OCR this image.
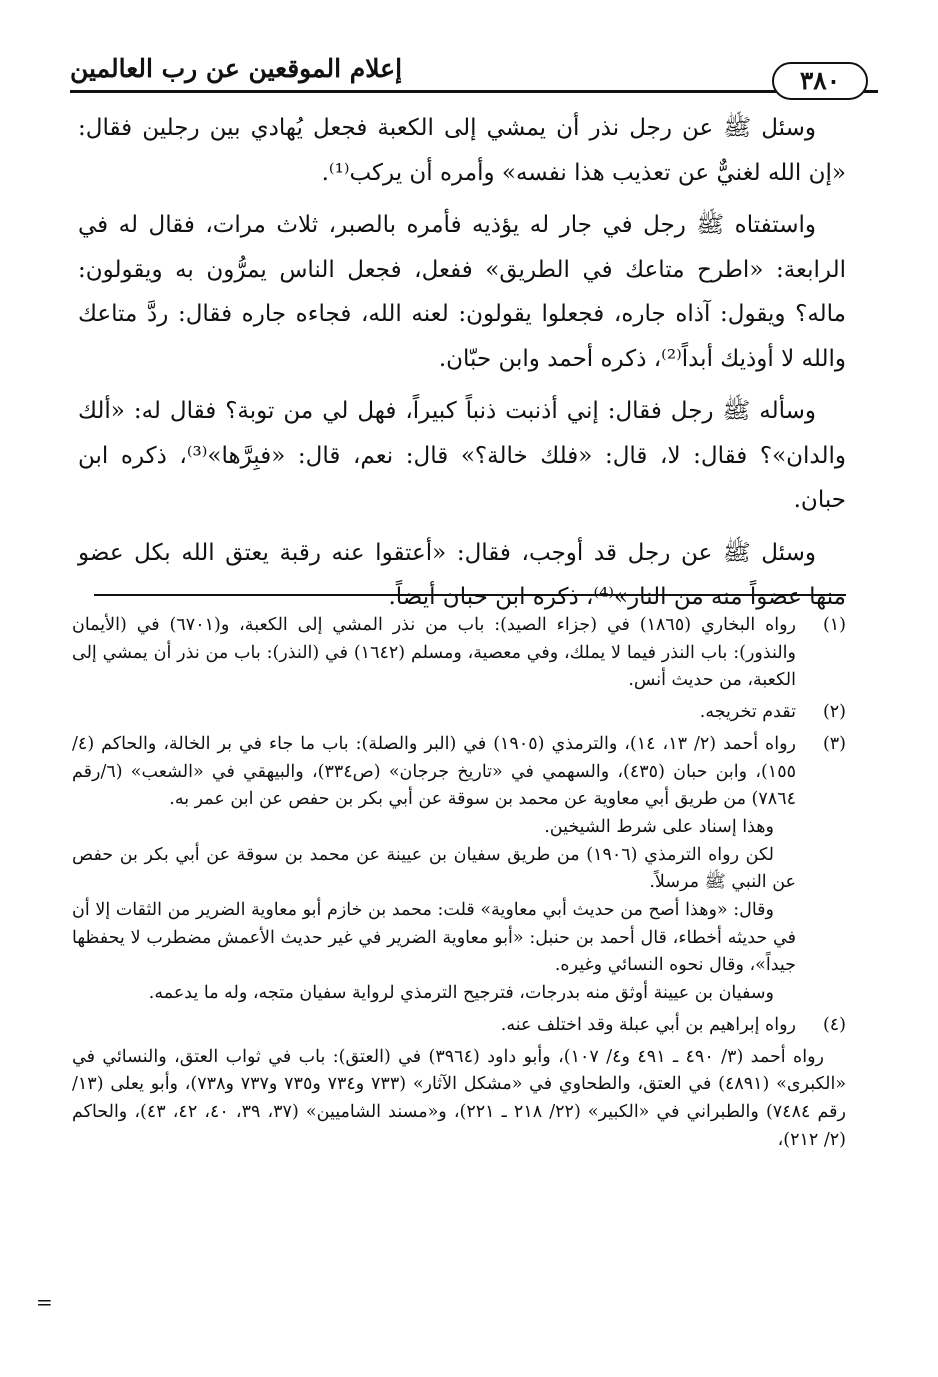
إعلام الموقعين عن رب العالمين	٣٨٠

وسئل ﷺ عن رجل نذر أن يمشي إلى الكعبة فجعل يُهادي بين رجلين فقال: «إن الله لغنيٌّ عن تعذيب هذا نفسه» وأمره أن يركب⁽¹⁾.

واستفتاه ﷺ رجل في جار له يؤذيه فأمره بالصبر، ثلاث مرات، فقال له في الرابعة: «اطرح متاعك في الطريق» ففعل، فجعل الناس يمرُّون به ويقولون: ماله؟ ويقول: آذاه جاره، فجعلوا يقولون: لعنه الله، فجاءه جاره فقال: ردَّ متاعك والله لا أوذيك أبداً⁽²⁾، ذكره أحمد وابن حبّان.

وسأله ﷺ رجل فقال: إني أذنبت ذنباً كبيراً، فهل لي من توبة؟ فقال له: «ألك والدان»؟ فقال: لا، قال: «فلك خالة؟» قال: نعم، قال: «فبِرَّها»⁽³⁾، ذكره ابن حبان.

وسئل ﷺ عن رجل قد أوجب، فقال: «أعتقوا عنه رقبة يعتق الله بكل عضو منها عضواً منه من النار»⁽⁴⁾، ذكره ابن حبان أيضاً.

(١)

رواه البخاري (١٨٦٥) في (جزاء الصيد): باب من نذر المشي إلى الكعبة، و(٦٧٠١) في (الأيمان والنذور): باب النذر فيما لا يملك، وفي معصية، ومسلم (١٦٤٢) في (النذر): باب من نذر أن يمشي إلى الكعبة، من حديث أنس.

(٢)

تقدم تخريجه.

(٣)

رواه أحمد (٢/ ١٣، ١٤)، والترمذي (١٩٠٥) في (البر والصلة): باب ما جاء في بر الخالة، والحاكم (٤/ ١٥٥)، وابن حبان (٤٣٥)، والسهمي في «تاريخ جرجان» (ص٣٣٤)، والبيهقي في «الشعب» (٦/رقم ٧٨٦٤) من طريق أبي معاوية عن محمد بن سوقة عن أبي بكر بن حفص عن ابن عمر به.

وهذا إسناد على شرط الشيخين.

لكن رواه الترمذي (١٩٠٦) من طريق سفيان بن عيينة عن محمد بن سوقة عن أبي بكر بن حفص عن النبي ﷺ مرسلاً.

وقال: «وهذا أصح من حديث أبي معاوية» قلت: محمد بن خازم أبو معاوية الضرير من الثقات إلا أن في حديثه أخطاء، قال أحمد بن حنبل: «أبو معاوية الضرير في غير حديث الأعمش مضطرب لا يحفظها جيداً»، وقال نحوه النسائي وغيره.

وسفيان بن عيينة أوثق منه بدرجات، فترجيح الترمذي لرواية سفيان متجه، وله ما يدعمه.

(٤)

رواه إبراهيم بن أبي عبلة وقد اختلف عنه.

رواه أحمد (٣/ ٤٩٠ ـ ٤٩١ و٤/ ١٠٧)، وأبو داود (٣٩٦٤) في (العتق): باب في ثواب العتق، والنسائي في «الكبرى» (٤٨٩١) في العتق، والطحاوي في «مشكل الآثار» (٧٣٣ و٧٣٤ و٧٣٥ و٧٣٧ و٧٣٨)، وأبو يعلى (١٣/رقم ٧٤٨٤) والطبراني في «الكبير» (٢٢/ ٢١٨ ـ ٢٢١)، و«مسند الشاميين» (٣٧، ٣٩، ٤٠، ٤٢، ٤٣)، والحاكم (٢/ ٢١٢)،

=
